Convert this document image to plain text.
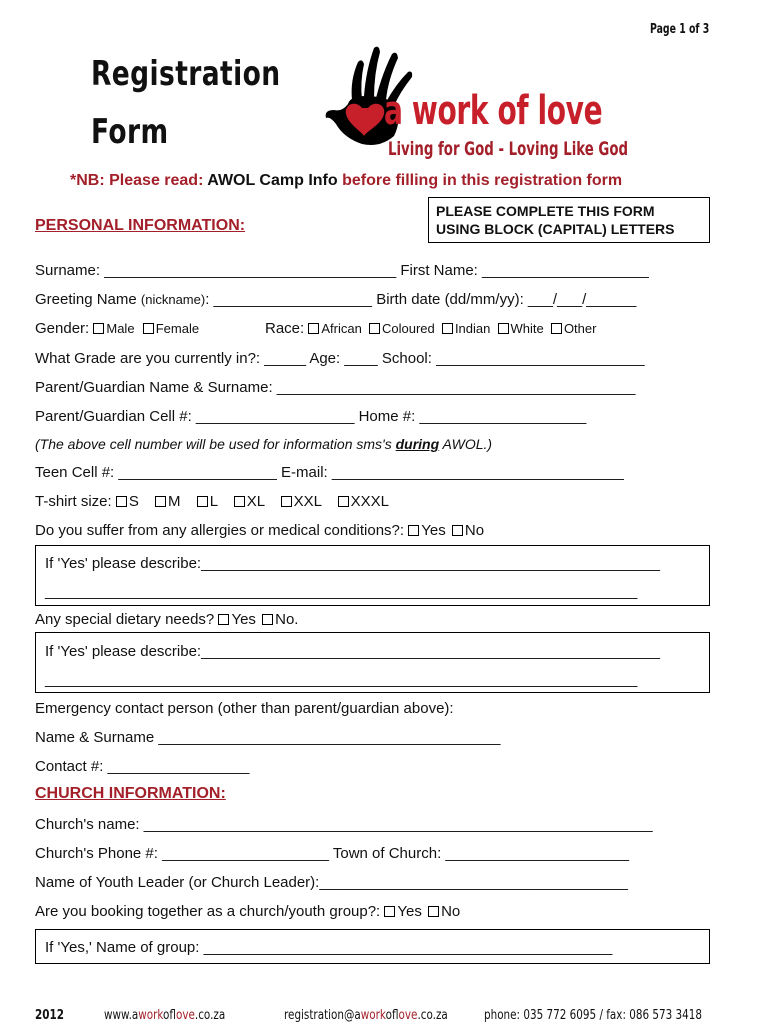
Page 1 of 3
Registration
Form	a work of love
Living for God - Loving Like God
*NB: Please read: AWOL Camp Info before filling in this registration form
PERSONAL INFORMATION:
PLEASE COMPLETE THIS FORM
USING BLOCK (CAPITAL) LETTERS
Surname: ___________________________________ First Name: ____________________
Greeting Name (nickname): ___________________ Birth date (dd/mm/yy): ___/___/______
Gender: Male Female	Race: African Coloured Indian White Other
What Grade are you currently in?: _____ Age: ____ School: _________________________
Parent/Guardian Name & Surname: ___________________________________________
Parent/Guardian Cell #: ___________________ Home #: ____________________
(The above cell number will be used for information sms's during AWOL.)
Teen Cell #: ___________________ E-mail: ___________________________________
T-shirt size: S M L XL XXL XXXL
Do you suffer from any allergies or medical conditions?: Yes No
If 'Yes' please describe:_______________________________________________________
_______________________________________________________________________
Any special dietary needs? Yes No.
If 'Yes' please describe:_______________________________________________________
_______________________________________________________________________
Emergency contact person (other than parent/guardian above):
Name & Surname _________________________________________
Contact #: _________________
CHURCH INFORMATION:
Church's name: _____________________________________________________________
Church's Phone #: ____________________ Town of Church: ______________________
Name of Youth Leader (or Church Leader):_____________________________________
Are you booking together as a church/youth group?: Yes No
If 'Yes,' Name of group: _________________________________________________
2012	www.aworkoflove.co.za	registration@aworkoflove.co.za	phone: 035 772 6095 / fax: 086 573 3418
